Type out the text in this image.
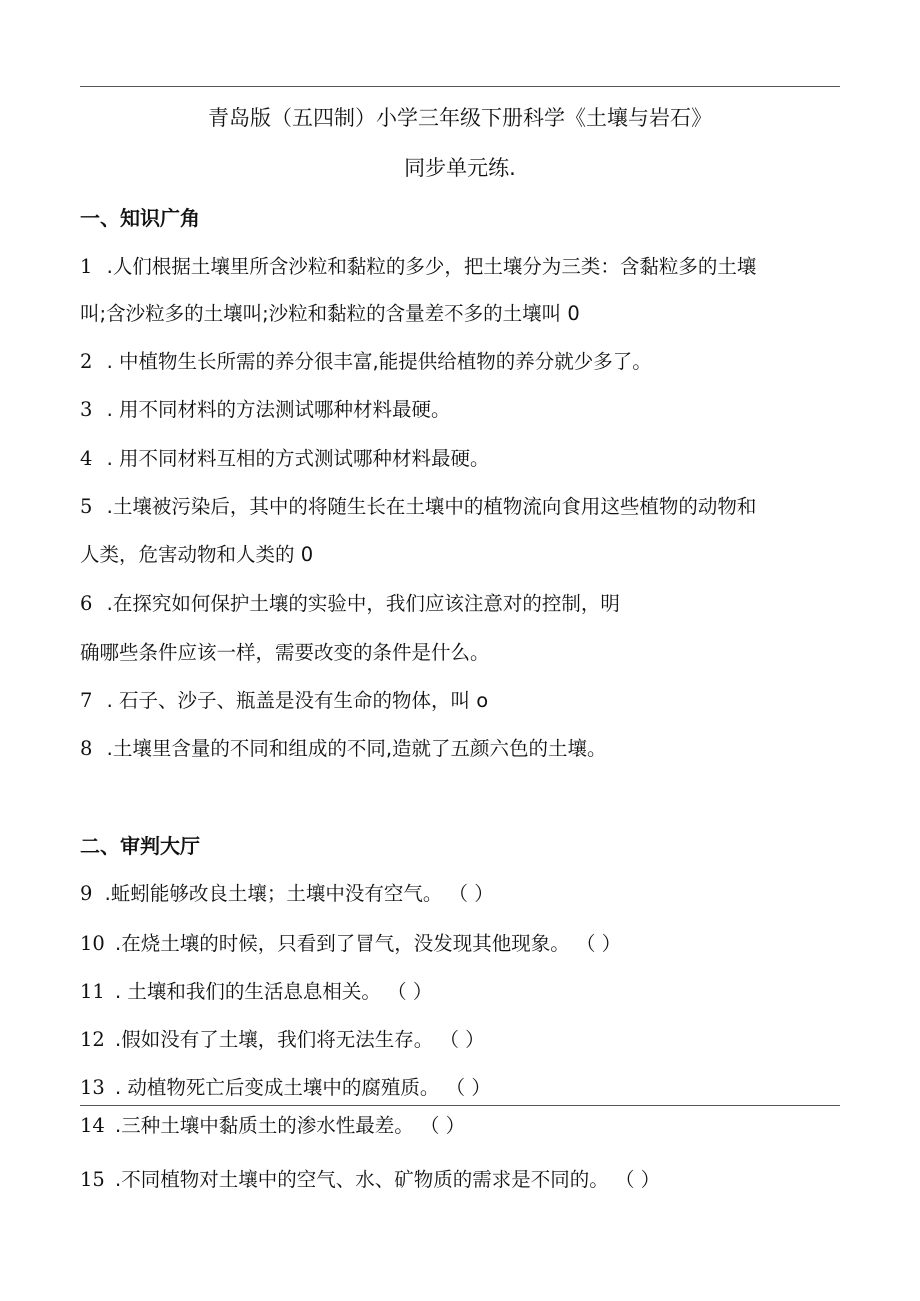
青岛版（五四制）小学三年级下册科学《土壤与岩石》
同步单元练.
一、知识广角
1 .人们根据土壤里所含沙粒和黏粒的多少，把土壤分为三类：含黏粒多的土壤
叫;含沙粒多的土壤叫;沙粒和黏粒的含量差不多的土壤叫 0
2 . 中植物生长所需的养分很丰富,能提供给植物的养分就少多了。
3 . 用不同材料的方法测试哪种材料最硬。
4 . 用不同材料互相的方式测试哪种材料最硬。
5 .土壤被污染后，其中的将随生长在土壤中的植物流向食用这些植物的动物和
人类，危害动物和人类的 0
6 .在探究如何保护土壤的实验中，我们应该注意对的控制，明
确哪些条件应该一样，需要改变的条件是什么。
7 . 石子、沙子、瓶盖是没有生命的物体，叫 o
8 .土壤里含量的不同和组成的不同,造就了五颜六色的土壤。
二、审判大厅
9 .蚯蚓能够改良土壤；土壤中没有空气。 （ ）
10 .在烧土壤的时候，只看到了冒气，没发现其他现象。 （ ）
11 . 土壤和我们的生活息息相关。 （ ）
12 .假如没有了土壤，我们将无法生存。 （ ）
13 . 动植物死亡后变成土壤中的腐殖质。 （ ）
14 .三种土壤中黏质土的渗水性最差。 （ ）
15 .不同植物对土壤中的空气、水、矿物质的需求是不同的。 （ ）
